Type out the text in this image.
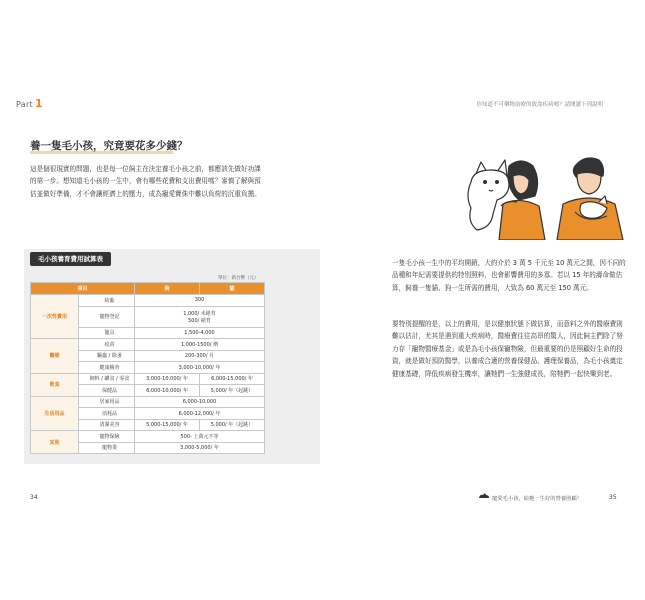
Part 1
養一隻毛小孩，究竟要花多少錢？

這是個很現實的問題，也是每一位飼主在決定養毛小孩之前，都應該先做好功課的第一步。想知道毛小孩的一生中，會有哪些花費和支出費用嗎？審慎了解與預估並做好準備，才不會讓經濟上的壓力，成為寵愛寶侏中難以負荷的沉重負擔。

毛小孩養育費用試算表
單位：新台幣（元）
項目		狗	貓
一次性費用	結紮	300	
	寵物登記	1,000/ 未絕育
500/ 絕育	
	籠具	1,500-4,000	
醫療	疫苗	1,000-1500/ 劑	
	驅蟲 / 除蚤	200-300/ 月	
	健康檢查	3,000-10,000/ 年	
飲食	飼料 / 罐食 / 零食	3,000-10,000/ 年	6,000-15,000/ 年
	保健品	6,000-10,000/ 年	5,000/ 年（起跳）
生活用品	居家用品	6,000-10,000	
	消耗品	6,000-12,000/ 年	
	清潔美容	5,000-15,000/ 年	5,000/ 年（起跳）
其他	寵物保險	500- 上萬元不等	
	寵物業	3,000-5,000/ 年	
34
你知道不可藥物治療的致命疾病嗎？請閱讀下列說明

一隻毛小孩一生中的平均開銷，大約介於 3 萬 5 千元至 10 萬元之間，因不同的品種和年紀需要提供的特別照料，也會影響費用的多寡。若以 15 年的壽命做估算，飼養一隻貓、狗一生所需的費用，大致為 60 萬元至 150 萬元。

要特別提醒的是，以上的費用，是以健康狀態下做估算，而意料之外的醫療費則難以估計，尤其是遇到重大疾病時，醫療費往往高昂的驚人，因此飼主們除了努力存「寵物醫療基金」或是為毛小孩保寵物險，但最重要的仍是照顧好生命的投資，就是做好預防醫學，以養成合適的營養保健品、護理保養品，為毛小孩奠定健康基礎，降低疾病發生機率，讓牠們一生強健成長，陪牠們一起快樂到老。

寵愛毛小孩，給牠一生好的營養照顧！	35
